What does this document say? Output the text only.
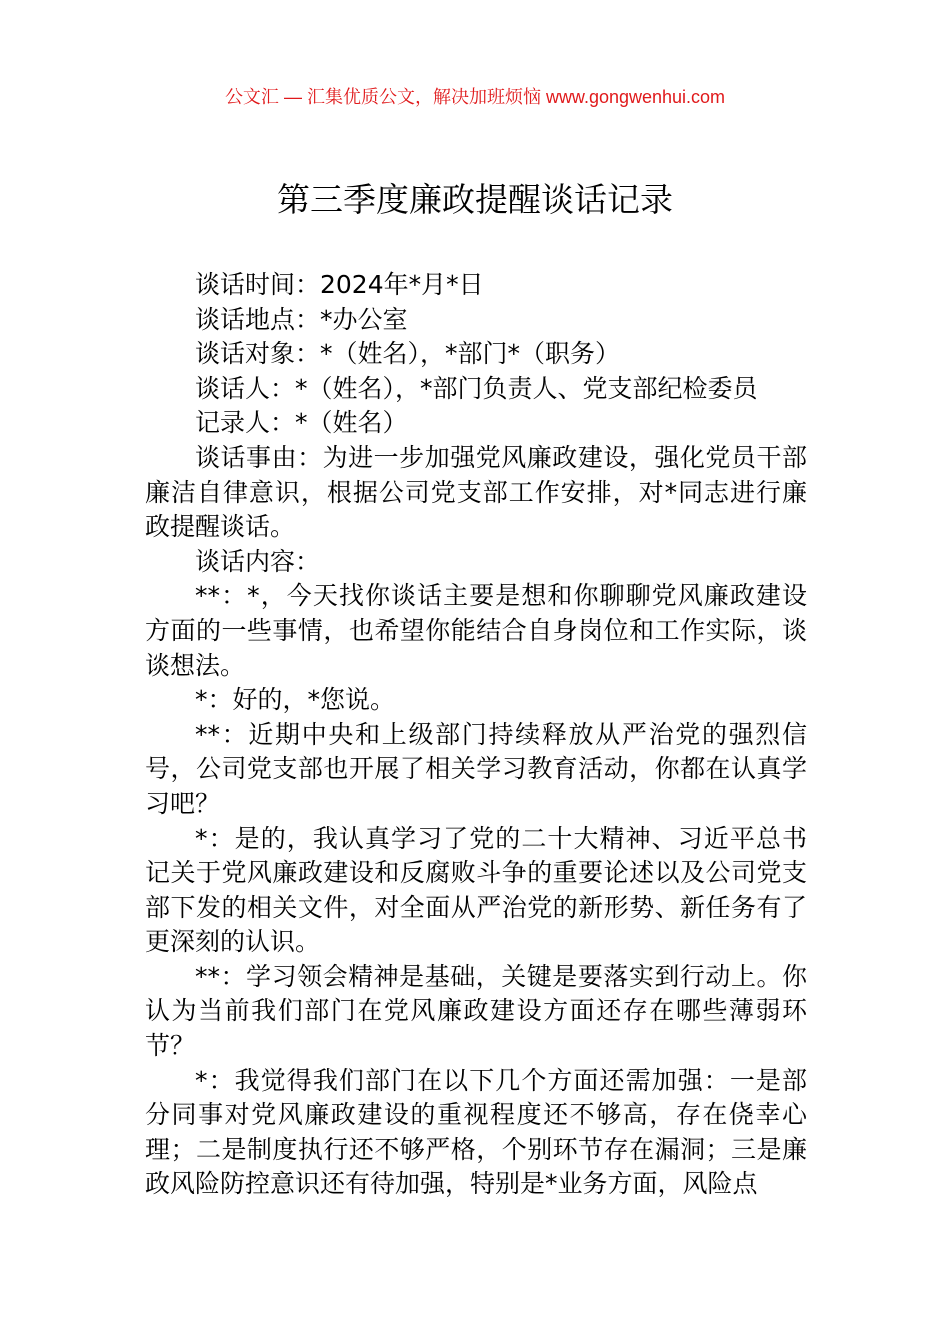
公文汇 — 汇集优质公文，解决加班烦恼 www.gongwenhui.com
第三季度廉政提醒谈话记录

谈话时间：2024年*月*日

谈话地点：*办公室

谈话对象：*（姓名），*部门*（职务）

谈话人：*（姓名），*部门负责人、党支部纪检委员

记录人：*（姓名）

谈话事由：为进一步加强党风廉政建设，强化党员干部廉洁自律意识，根据公司党支部工作安排，对*同志进行廉政提醒谈话。

谈话内容：

**：*，今天找你谈话主要是想和你聊聊党风廉政建设方面的一些事情，也希望你能结合自身岗位和工作实际，谈谈想法。

*：好的，*您说。

**：近期中央和上级部门持续释放从严治党的强烈信号，公司党支部也开展了相关学习教育活动，你都在认真学习吧？

*：是的，我认真学习了党的二十大精神、习近平总书记关于党风廉政建设和反腐败斗争的重要论述以及公司党支部下发的相关文件，对全面从严治党的新形势、新任务有了更深刻的认识。

**：学习领会精神是基础，关键是要落实到行动上。你认为当前我们部门在党风廉政建设方面还存在哪些薄弱环节？

*：我觉得我们部门在以下几个方面还需加强：一是部分同事对党风廉政建设的重视程度还不够高，存在侥幸心理；二是制度执行还不够严格，个别环节存在漏洞；三是廉政风险防控意识还有待加强，特别是*业务方面，风险点
